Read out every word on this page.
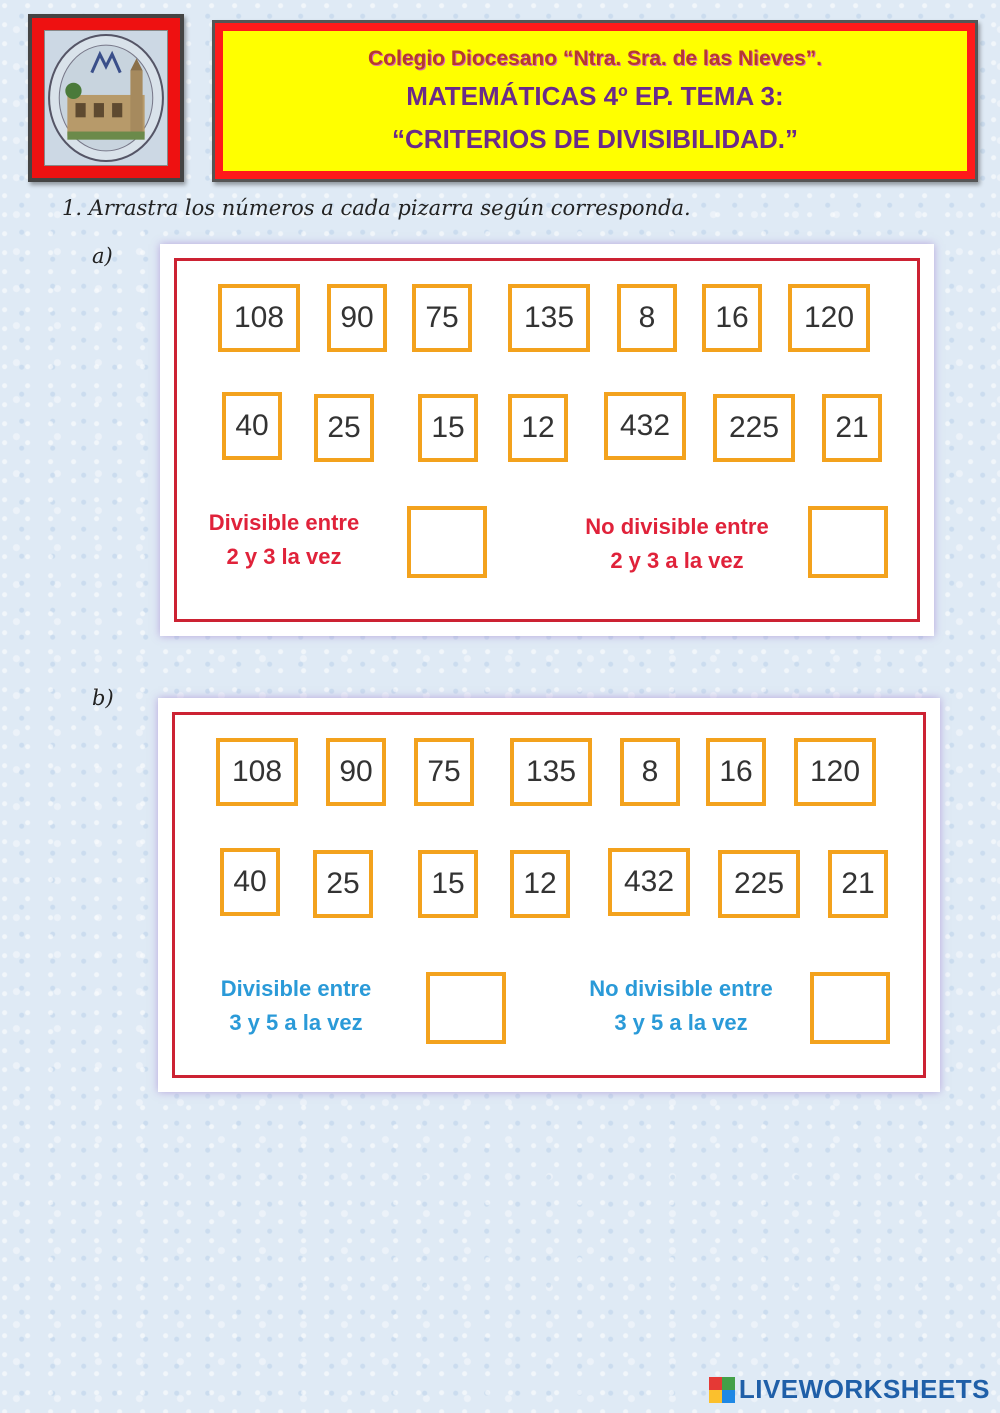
Colegio Diocesano “Ntra. Sra. de las Nieves”.
MATEMÁTICAS 4º EP. TEMA 3:
“CRITERIOS DE DIVISIBILIDAD.”
1. Arrastra los números a cada pizarra según corresponda.
a)
108	90	75	135	8	16	120
40	25	15	12	432	225	21
Divisible entre
2 y 3 la vez
No divisible entre
2 y 3 a la vez
b)
108	90	75	135	8	16	120
40	25	15	12	432	225	21
Divisible entre
3 y 5 a la vez
No divisible entre
3 y 5 a la vez
LIVEWORKSHEETS
